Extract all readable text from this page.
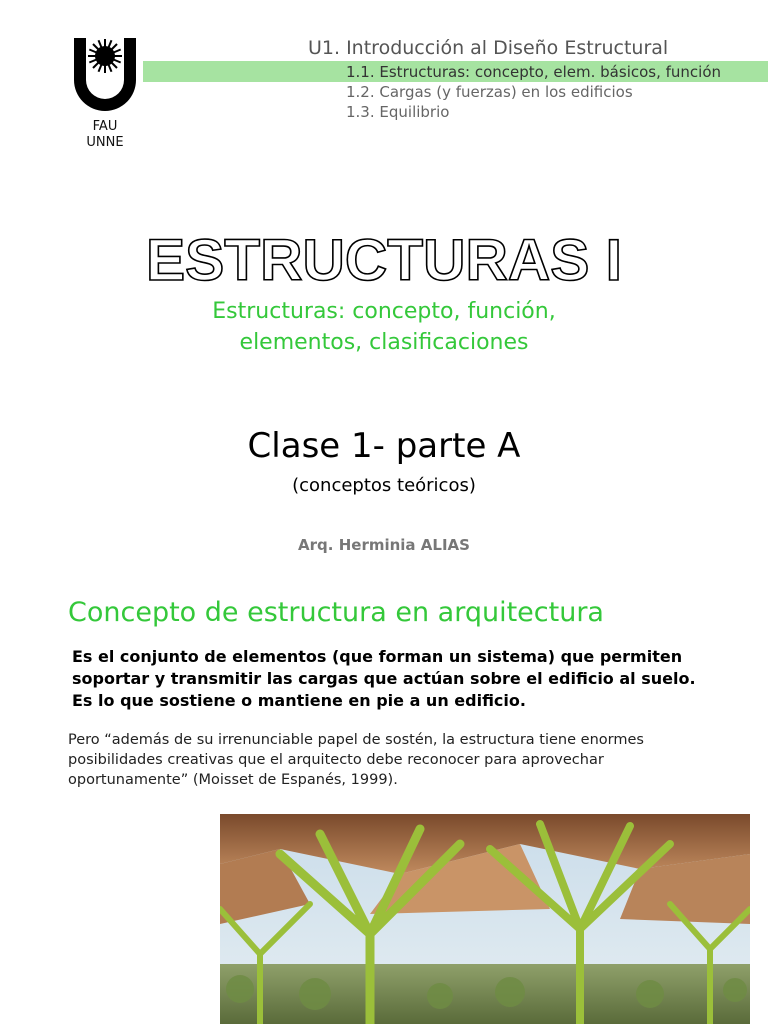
FAU
UNNE
U1. Introducción al Diseño Estructural
1.1. Estructuras: concepto, elem. básicos, función
1.2. Cargas (y fuerzas) en los edificios
1.3. Equilibrio
ESTRUCTURAS I
Estructuras: concepto, función,
elementos, clasificaciones
Clase 1- parte A
(conceptos teóricos)
Arq. Herminia ALIAS
Concepto de estructura en arquitectura
Es el conjunto de elementos (que forman un sistema) que permiten
soportar y transmitir las cargas que actúan sobre el edificio al suelo.
Es lo que sostiene o mantiene en pie a un edificio.
Pero “además de su irrenunciable papel de sostén, la estructura tiene enormes
posibilidades creativas que el arquitecto debe reconocer para aprovechar
oportunamente” (Moisset de Espanés, 1999).
